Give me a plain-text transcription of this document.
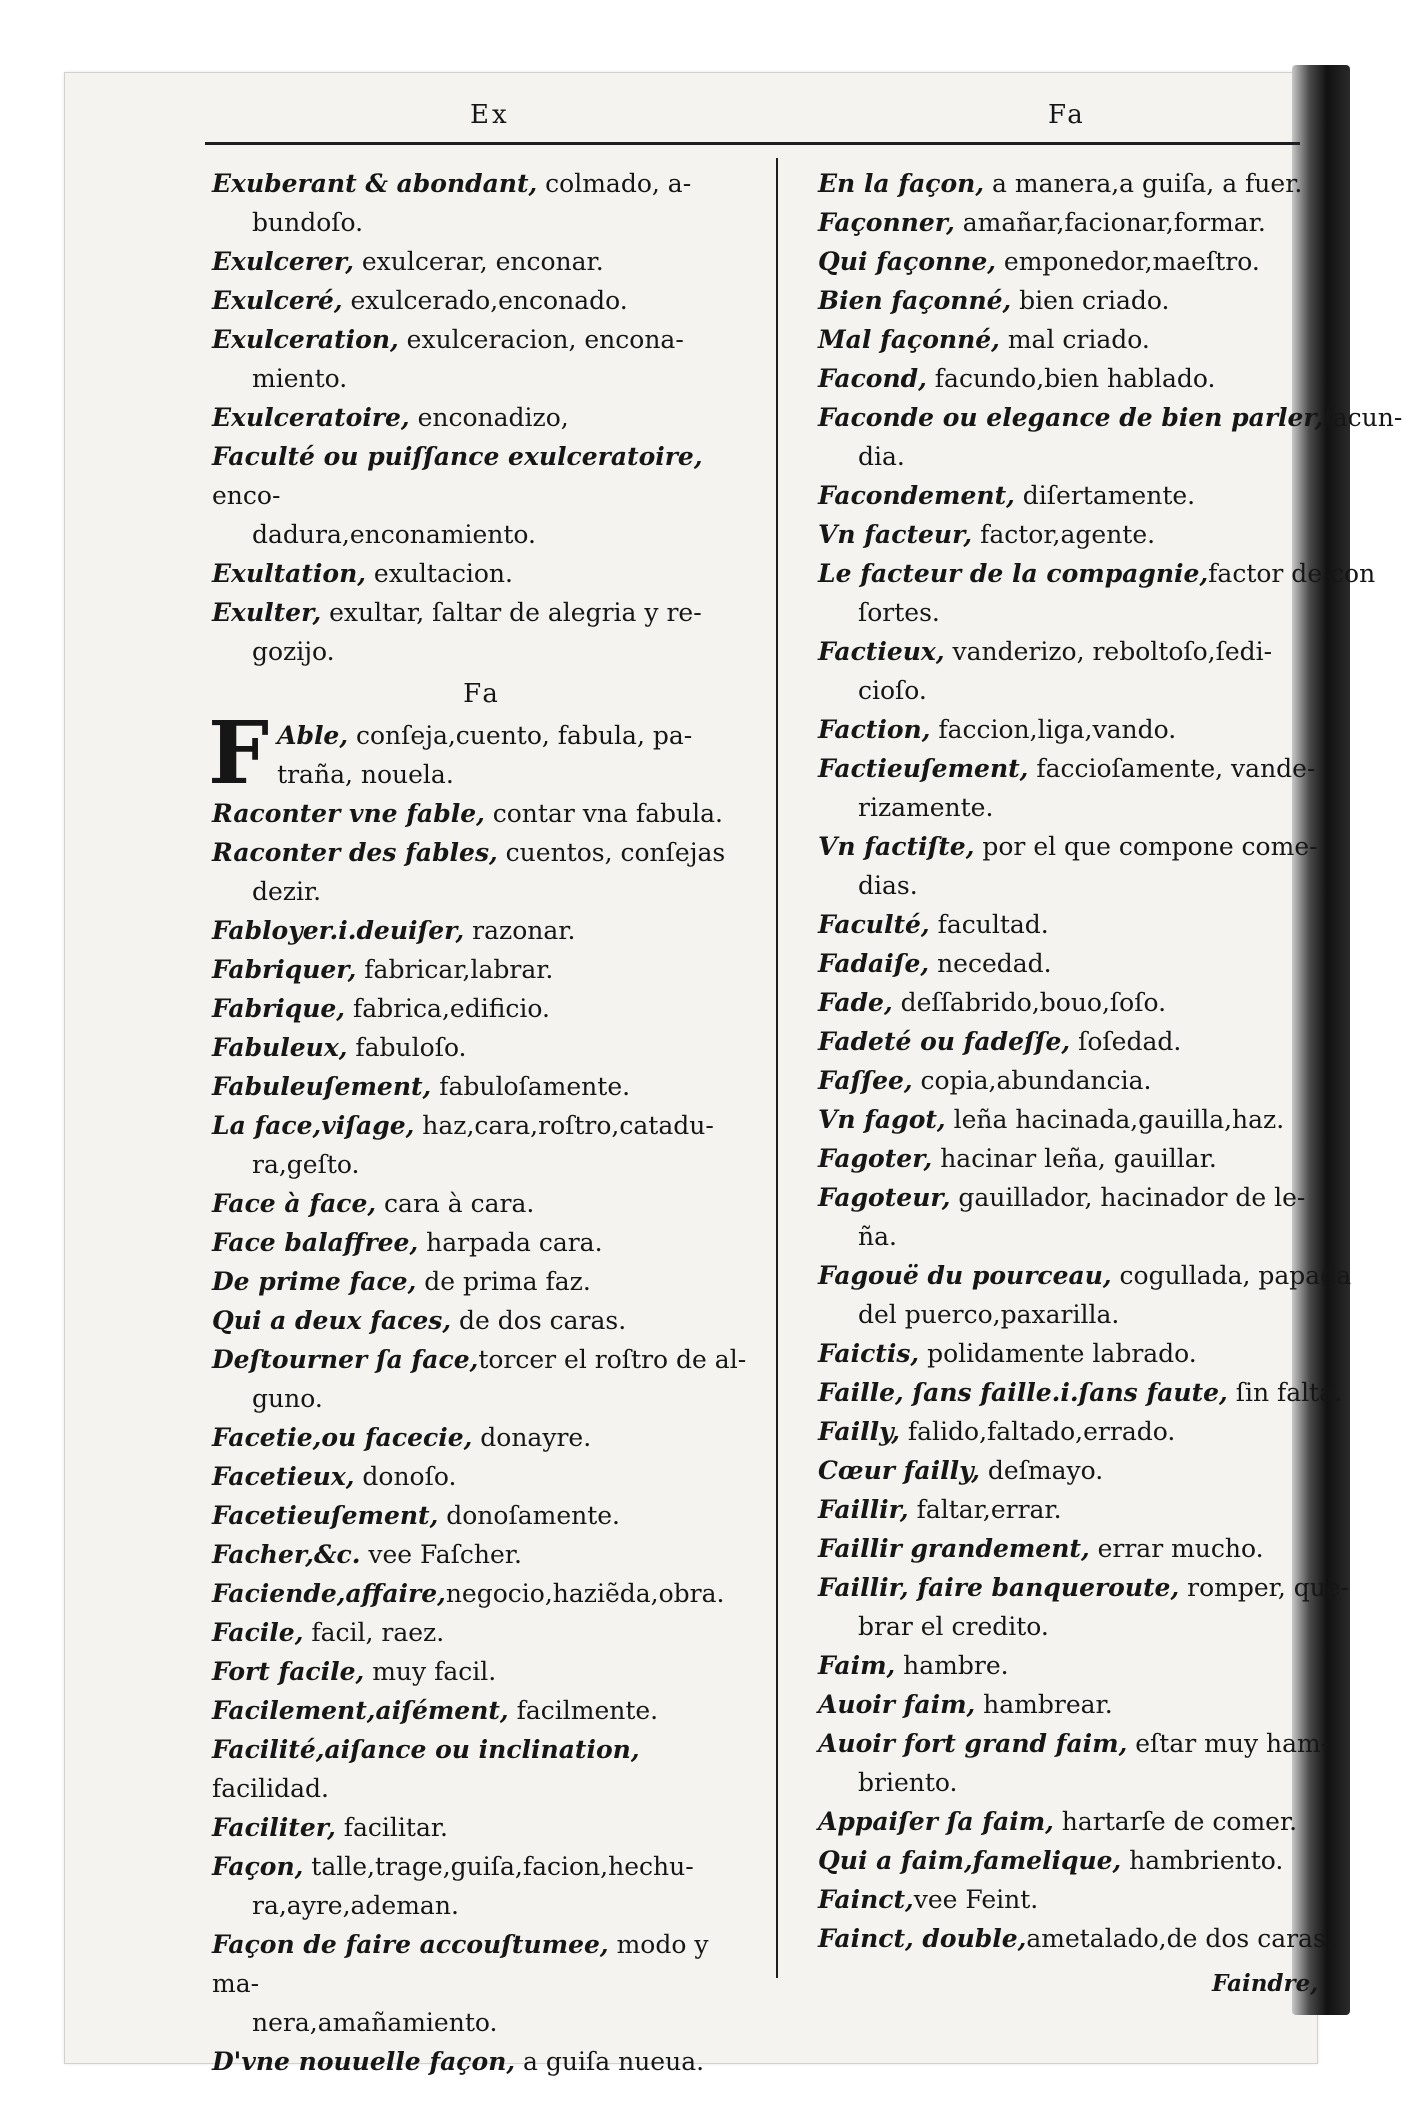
Ex	Fa
Exuberant & abondant, colmado, a-
bundoſo.
Exulcerer, exulcerar, enconar.
Exulceré, exulcerado,enconado.
Exulceration, exulceracion, encona-
miento.
Exulceratoire, enconadizo,
Faculté ou puiſſance exulceratoire, enco-
dadura,enconamiento.
Exultation, exultacion.
Exulter, exultar, ſaltar de alegria y re-
gozijo.
Fa
F Able, conſeja,cuento, fabula, pa-
traña, nouela.
Raconter vne fable, contar vna fabula.
Raconter des fables, cuentos, conſejas
dezir.
Fabloyer.i.deuiſer, razonar.
Fabriquer, fabricar,labrar.
Fabrique, fabrica,edificio.
Fabuleux, fabuloſo.
Fabuleuſement, fabuloſamente.
La face,viſage, haz,cara,roſtro,catadu-
ra,geſto.
Face à face, cara à cara.
Face balaffree, harpada cara.
De prime face, de prima faz.
Qui a deux faces, de dos caras.
Deſtourner ſa face,torcer el roſtro de al-
guno.
Facetie,ou facecie, donayre.
Facetieux, donoſo.
Facetieuſement, donoſamente.
Facher,&c. vee Faſcher.
Faciende,affaire,negocio,haziẽda,obra.
Facile, facil, raez.
Fort facile, muy facil.
Facilement,aiſément, facilmente.
Facilité,aiſance ou inclination, facilidad.
Faciliter, facilitar.
Façon, talle,trage,guiſa,facion,hechu-
ra,ayre,ademan.
Façon de faire accouſtumee, modo y ma-
nera,amañamiento.
D'vne nouuelle façon, a guiſa nueua.
En la façon, a manera,a guiſa, a fuer.
Façonner, amañar,facionar,formar.
Qui façonne, emponedor,maeſtro.
Bien façonné, bien criado.
Mal façonné, mal criado.
Facond, facundo,bien hablado.
Faconde ou elegance de bien parler,facun-
dia.
Facondement, diſertamente.
Vn facteur, factor,agente.
Le facteur de la compagnie,factor de con
ſortes.
Factieux, vanderizo, reboltoſo,ſedi-
cioſo.
Faction, faccion,liga,vando.
Factieuſement, faccioſamente, vande-
rizamente.
Vn factiſte, por el que compone come-
dias.
Faculté, facultad.
Fadaiſe, necedad.
Fade, deſſabrido,bouo,ſoſo.
Fadeté ou fadeſſe, ſoſedad.
Faſſee, copia,abundancia.
Vn fagot, leña hacinada,gauilla,haz.
Fagoter, hacinar leña, gauillar.
Fagoteur, gauillador, hacinador de le-
ña.
Fagouë du pourceau, cogullada, papada
del puerco,paxarilla.
Faictis, polidamente labrado.
Faille, ſans faille.i.ſans faute, ſin falta.
Failly, falido,faltado,errado.
Cœur failly, deſmayo.
Faillir, faltar,errar.
Faillir grandement, errar mucho.
Faillir, faire banqueroute, romper, que-
brar el credito.
Faim, hambre.
Auoir faim, hambrear.
Auoir fort grand faim, eſtar muy ham-
briento.
Appaiſer ſa faim, hartarſe de comer.
Qui a faim,famelique, hambriento.
Fainct,vee Feint.
Fainct, double,ametalado,de dos caras.
Faindre,
